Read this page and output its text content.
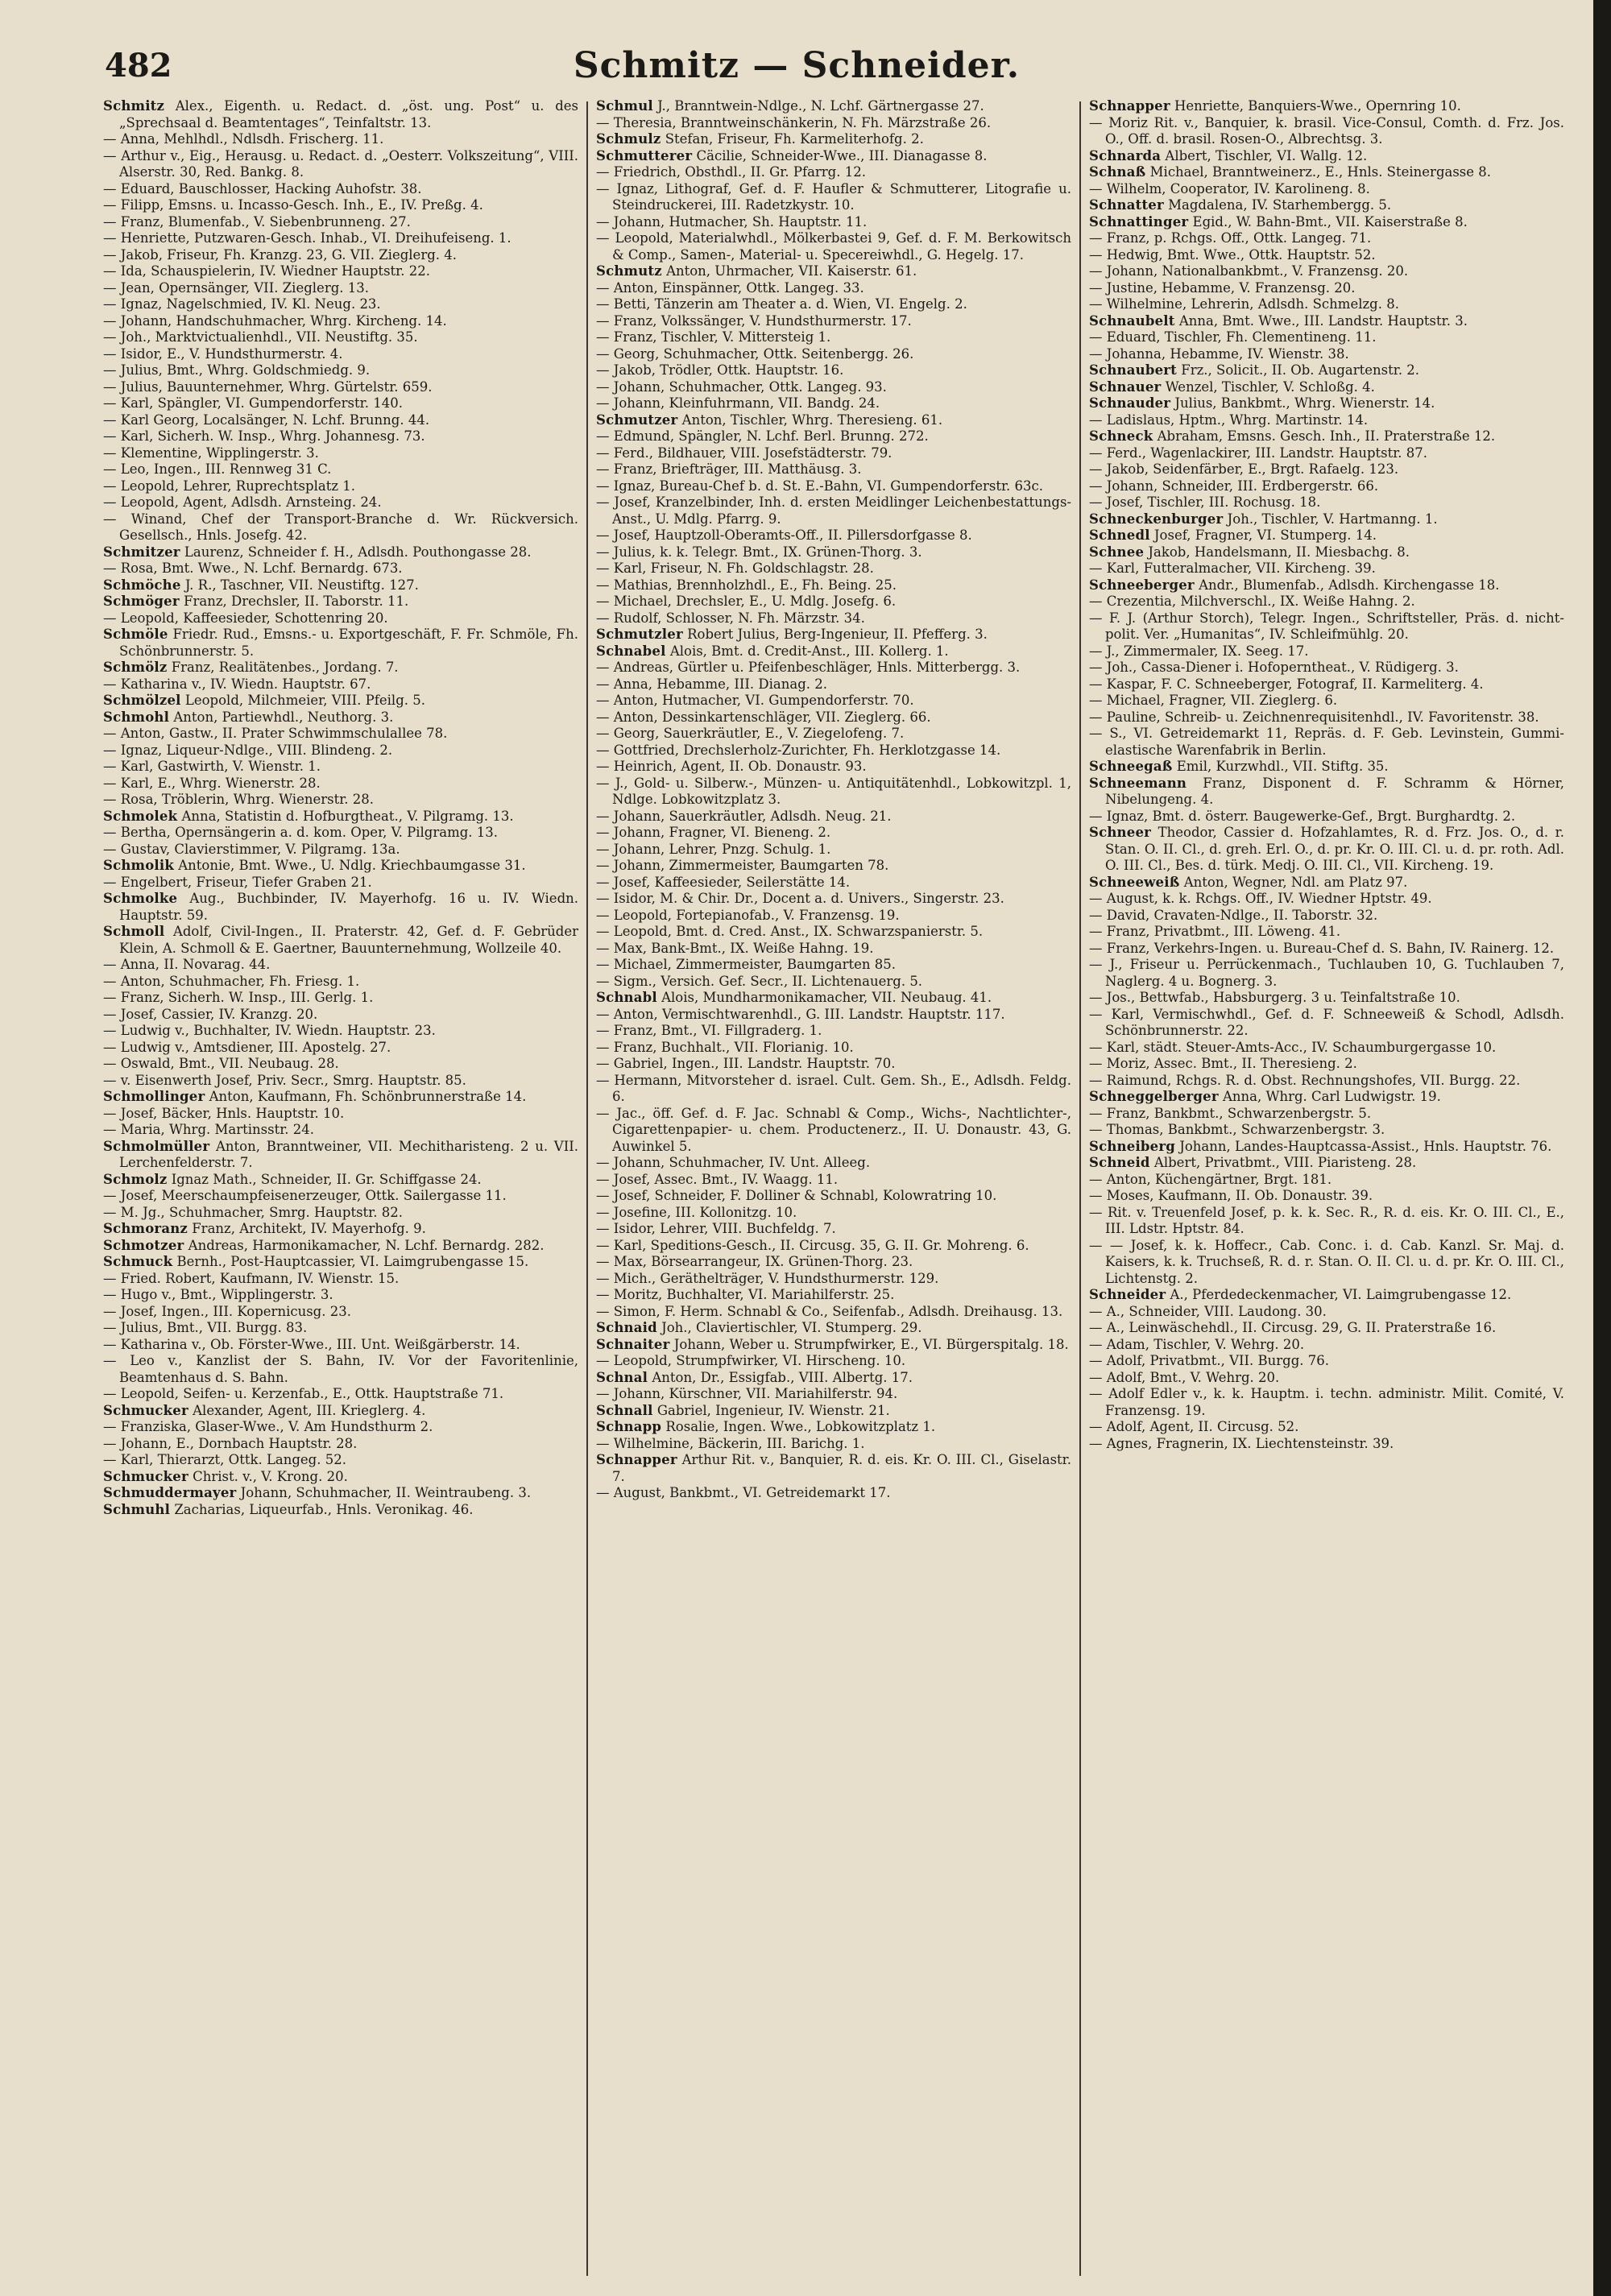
482	Schmitz — Schneider.

Schmitz Alex., Eigenth. u. Redact. d. „öst. ung. Post“ u. des „Sprechsaal d. Beamtentages“, Teinfaltstr. 13.

— Anna, Mehlhdl., Ndlsdh. Frischerg. 11.

— Arthur v., Eig., Herausg. u. Redact. d. „Oesterr. Volkszeitung“, VIII. Alserstr. 30, Red. Bankg. 8.

— Eduard, Bauschlosser, Hacking Auhofstr. 38.

— Filipp, Emsns. u. Incasso-Gesch. Inh., E., IV. Preßg. 4.

— Franz, Blumenfab., V. Siebenbrunneng. 27.

— Henriette, Putzwaren-Gesch. Inhab., VI. Dreihufeiseng. 1.

— Jakob, Friseur, Fh. Kranzg. 23, G. VII. Zieglerg. 4.

— Ida, Schauspielerin, IV. Wiedner Hauptstr. 22.

— Jean, Opernsänger, VII. Zieglerg. 13.

— Ignaz, Nagelschmied, IV. Kl. Neug. 23.

— Johann, Handschuhmacher, Whrg. Kircheng. 14.

— Joh., Marktvictualienhdl., VII. Neustiftg. 35.

— Isidor, E., V. Hundsthurmerstr. 4.

— Julius, Bmt., Whrg. Goldschmiedg. 9.

— Julius, Bauunternehmer, Whrg. Gürtelstr. 659.

— Karl, Spängler, VI. Gumpendorferstr. 140.

— Karl Georg, Localsänger, N. Lchf. Brunng. 44.

— Karl, Sicherh. W. Insp., Whrg. Johannesg. 73.

— Klementine, Wipplingerstr. 3.

— Leo, Ingen., III. Rennweg 31 C.

— Leopold, Lehrer, Ruprechtsplatz 1.

— Leopold, Agent, Adlsdh. Arnsteing. 24.

— Winand, Chef der Transport-Branche d. Wr. Rückversich. Gesellsch., Hnls. Josefg. 42.

Schmitzer Laurenz, Schneider f. H., Adlsdh. Pouthongasse 28.

— Rosa, Bmt. Wwe., N. Lchf. Bernardg. 673.

Schmöche J. R., Taschner, VII. Neustiftg. 127.

Schmöger Franz, Drechsler, II. Taborstr. 11.

— Leopold, Kaffeesieder, Schottenring 20.

Schmöle Friedr. Rud., Emsns.- u. Exportgeschäft, F. Fr. Schmöle, Fh. Schönbrunnerstr. 5.

Schmölz Franz, Realitätenbes., Jordang. 7.

— Katharina v., IV. Wiedn. Hauptstr. 67.

Schmölzel Leopold, Milchmeier, VIII. Pfeilg. 5.

Schmohl Anton, Partiewhdl., Neuthorg. 3.

— Anton, Gastw., II. Prater Schwimmschulallee 78.

— Ignaz, Liqueur-Ndlge., VIII. Blindeng. 2.

— Karl, Gastwirth, V. Wienstr. 1.

— Karl, E., Whrg. Wienerstr. 28.

— Rosa, Tröblerin, Whrg. Wienerstr. 28.

Schmolek Anna, Statistin d. Hofburgtheat., V. Pilgramg. 13.

— Bertha, Opernsängerin a. d. kom. Oper, V. Pilgramg. 13.

— Gustav, Clavierstimmer, V. Pilgramg. 13a.

Schmolik Antonie, Bmt. Wwe., U. Ndlg. Kriechbaumgasse 31.

— Engelbert, Friseur, Tiefer Graben 21.

Schmolke Aug., Buchbinder, IV. Mayerhofg. 16 u. IV. Wiedn. Hauptstr. 59.

Schmoll Adolf, Civil-Ingen., II. Praterstr. 42, Gef. d. F. Gebrüder Klein, A. Schmoll & E. Gaertner, Bauunternehmung, Wollzeile 40.

— Anna, II. Novarag. 44.

— Anton, Schuhmacher, Fh. Friesg. 1.

— Franz, Sicherh. W. Insp., III. Gerlg. 1.

— Josef, Cassier, IV. Kranzg. 20.

— Ludwig v., Buchhalter, IV. Wiedn. Hauptstr. 23.

— Ludwig v., Amtsdiener, III. Apostelg. 27.

— Oswald, Bmt., VII. Neubaug. 28.

— v. Eisenwerth Josef, Priv. Secr., Smrg. Hauptstr. 85.

Schmollinger Anton, Kaufmann, Fh. Schönbrunnerstraße 14.

— Josef, Bäcker, Hnls. Hauptstr. 10.

— Maria, Whrg. Martinsstr. 24.

Schmolmüller Anton, Branntweiner, VII. Mechitharisteng. 2 u. VII. Lerchenfelderstr. 7.

Schmolz Ignaz Math., Schneider, II. Gr. Schiffgasse 24.

— Josef, Meerschaumpfeisenerzeuger, Ottk. Sailergasse 11.

— M. Jg., Schuhmacher, Smrg. Hauptstr. 82.

Schmoranz Franz, Architekt, IV. Mayerhofg. 9.

Schmotzer Andreas, Harmonikamacher, N. Lchf. Bernardg. 282.

Schmuck Bernh., Post-Hauptcassier, VI. Laimgrubengasse 15.

— Fried. Robert, Kaufmann, IV. Wienstr. 15.

— Hugo v., Bmt., Wipplingerstr. 3.

— Josef, Ingen., III. Kopernicusg. 23.

— Julius, Bmt., VII. Burgg. 83.

— Katharina v., Ob. Förster-Wwe., III. Unt. Weißgärberstr. 14.

— Leo v., Kanzlist der S. Bahn, IV. Vor der Favoritenlinie, Beamtenhaus d. S. Bahn.

— Leopold, Seifen- u. Kerzenfab., E., Ottk. Hauptstraße 71.

Schmucker Alexander, Agent, III. Krieglerg. 4.

— Franziska, Glaser-Wwe., V. Am Hundsthurm 2.

— Johann, E., Dornbach Hauptstr. 28.

— Karl, Thierarzt, Ottk. Langeg. 52.

Schmucker Christ. v., V. Krong. 20.

Schmuddermayer Johann, Schuhmacher, II. Weintraubeng. 3.

Schmuhl Zacharias, Liqueurfab., Hnls. Veronikag. 46.

Schmul J., Branntwein-Ndlge., N. Lchf. Gärtnergasse 27.

— Theresia, Branntweinschänkerin, N. Fh. Märzstraße 26.

Schmulz Stefan, Friseur, Fh. Karmeliterhofg. 2.

Schmutterer Cäcilie, Schneider-Wwe., III. Dianagasse 8.

— Friedrich, Obsthdl., II. Gr. Pfarrg. 12.

— Ignaz, Lithograf, Gef. d. F. Haufler & Schmutterer, Litografie u. Steindruckerei, III. Radetzkystr. 10.

— Johann, Hutmacher, Sh. Hauptstr. 11.

— Leopold, Materialwhdl., Mölkerbastei 9, Gef. d. F. M. Berkowitsch & Comp., Samen-, Material- u. Specereiwhdl., G. Hegelg. 17.

Schmutz Anton, Uhrmacher, VII. Kaiserstr. 61.

— Anton, Einspänner, Ottk. Langeg. 33.

— Betti, Tänzerin am Theater a. d. Wien, VI. Engelg. 2.

— Franz, Volkssänger, V. Hundsthurmerstr. 17.

— Franz, Tischler, V. Mittersteig 1.

— Georg, Schuhmacher, Ottk. Seitenbergg. 26.

— Jakob, Trödler, Ottk. Hauptstr. 16.

— Johann, Schuhmacher, Ottk. Langeg. 93.

— Johann, Kleinfuhrmann, VII. Bandg. 24.

Schmutzer Anton, Tischler, Whrg. Theresieng. 61.

— Edmund, Spängler, N. Lchf. Berl. Brunng. 272.

— Ferd., Bildhauer, VIII. Josefstädterstr. 79.

— Franz, Briefträger, III. Matthäusg. 3.

— Ignaz, Bureau-Chef b. d. St. E.-Bahn, VI. Gumpendorferstr. 63c.

— Josef, Kranzelbinder, Inh. d. ersten Meidlinger Leichenbestattungs-Anst., U. Mdlg. Pfarrg. 9.

— Josef, Hauptzoll-Oberamts-Off., II. Pillersdorfgasse 8.

— Julius, k. k. Telegr. Bmt., IX. Grünen-Thorg. 3.

— Karl, Friseur, N. Fh. Goldschlagstr. 28.

— Mathias, Brennholzhdl., E., Fh. Being. 25.

— Michael, Drechsler, E., U. Mdlg. Josefg. 6.

— Rudolf, Schlosser, N. Fh. Märzstr. 34.

Schmutzler Robert Julius, Berg-Ingenieur, II. Pfefferg. 3.

Schnabel Alois, Bmt. d. Credit-Anst., III. Kollerg. 1.

— Andreas, Gürtler u. Pfeifenbeschläger, Hnls. Mitterbergg. 3.

— Anna, Hebamme, III. Dianag. 2.

— Anton, Hutmacher, VI. Gumpendorferstr. 70.

— Anton, Dessinkartenschläger, VII. Zieglerg. 66.

— Georg, Sauerkräutler, E., V. Ziegelofeng. 7.

— Gottfried, Drechslerholz-Zurichter, Fh. Herklotzgasse 14.

— Heinrich, Agent, II. Ob. Donaustr. 93.

— J., Gold- u. Silberw.-, Münzen- u. Antiquitätenhdl., Lobkowitzpl. 1, Ndlge. Lobkowitzplatz 3.

— Johann, Sauerkräutler, Adlsdh. Neug. 21.

— Johann, Fragner, VI. Bieneng. 2.

— Johann, Lehrer, Pnzg. Schulg. 1.

— Johann, Zimmermeister, Baumgarten 78.

— Josef, Kaffeesieder, Seilerstätte 14.

— Isidor, M. & Chir. Dr., Docent a. d. Univers., Singerstr. 23.

— Leopold, Fortepianofab., V. Franzensg. 19.

— Leopold, Bmt. d. Cred. Anst., IX. Schwarzspanierstr. 5.

— Max, Bank-Bmt., IX. Weiße Hahng. 19.

— Michael, Zimmermeister, Baumgarten 85.

— Sigm., Versich. Gef. Secr., II. Lichtenauerg. 5.

Schnabl Alois, Mundharmonikamacher, VII. Neubaug. 41.

— Anton, Vermischtwarenhdl., G. III. Landstr. Hauptstr. 117.

— Franz, Bmt., VI. Fillgraderg. 1.

— Franz, Buchhalt., VII. Florianig. 10.

— Gabriel, Ingen., III. Landstr. Hauptstr. 70.

— Hermann, Mitvorsteher d. israel. Cult. Gem. Sh., E., Adlsdh. Feldg. 6.

— Jac., öff. Gef. d. F. Jac. Schnabl & Comp., Wichs-, Nachtlichter-, Cigarettenpapier- u. chem. Productenerz., II. U. Donaustr. 43, G. Auwinkel 5.

— Johann, Schuhmacher, IV. Unt. Alleeg.

— Josef, Assec. Bmt., IV. Waagg. 11.

— Josef, Schneider, F. Dolliner & Schnabl, Kolowratring 10.

— Josefine, III. Kollonitzg. 10.

— Isidor, Lehrer, VIII. Buchfeldg. 7.

— Karl, Speditions-Gesch., II. Circusg. 35, G. II. Gr. Mohreng. 6.

— Max, Börsearrangeur, IX. Grünen-Thorg. 23.

— Mich., Geräthelträger, V. Hundsthurmerstr. 129.

— Moritz, Buchhalter, VI. Mariahilferstr. 25.

— Simon, F. Herm. Schnabl & Co., Seifenfab., Adlsdh. Dreihausg. 13.

Schnaid Joh., Claviertischler, VI. Stumperg. 29.

Schnaiter Johann, Weber u. Strumpfwirker, E., VI. Bürgerspitalg. 18.

— Leopold, Strumpfwirker, VI. Hirscheng. 10.

Schnal Anton, Dr., Essigfab., VIII. Albertg. 17.

— Johann, Kürschner, VII. Mariahilferstr. 94.

Schnall Gabriel, Ingenieur, IV. Wienstr. 21.

Schnapp Rosalie, Ingen. Wwe., Lobkowitzplatz 1.

— Wilhelmine, Bäckerin, III. Barichg. 1.

Schnapper Arthur Rit. v., Banquier, R. d. eis. Kr. O. III. Cl., Giselastr. 7.

— August, Bankbmt., VI. Getreidemarkt 17.

Schnapper Henriette, Banquiers-Wwe., Opernring 10.

— Moriz Rit. v., Banquier, k. brasil. Vice-Consul, Comth. d. Frz. Jos. O., Off. d. brasil. Rosen-O., Albrechtsg. 3.

Schnarda Albert, Tischler, VI. Wallg. 12.

Schnaß Michael, Branntweinerz., E., Hnls. Steinergasse 8.

— Wilhelm, Cooperator, IV. Karolineng. 8.

Schnatter Magdalena, IV. Starhembergg. 5.

Schnattinger Egid., W. Bahn-Bmt., VII. Kaiserstraße 8.

— Franz, p. Rchgs. Off., Ottk. Langeg. 71.

— Hedwig, Bmt. Wwe., Ottk. Hauptstr. 52.

— Johann, Nationalbankbmt., V. Franzensg. 20.

— Justine, Hebamme, V. Franzensg. 20.

— Wilhelmine, Lehrerin, Adlsdh. Schmelzg. 8.

Schnaubelt Anna, Bmt. Wwe., III. Landstr. Hauptstr. 3.

— Eduard, Tischler, Fh. Clementineng. 11.

— Johanna, Hebamme, IV. Wienstr. 38.

Schnaubert Frz., Solicit., II. Ob. Augartenstr. 2.

Schnauer Wenzel, Tischler, V. Schloßg. 4.

Schnauder Julius, Bankbmt., Whrg. Wienerstr. 14.

— Ladislaus, Hptm., Whrg. Martinstr. 14.

Schneck Abraham, Emsns. Gesch. Inh., II. Praterstraße 12.

— Ferd., Wagenlackirer, III. Landstr. Hauptstr. 87.

— Jakob, Seidenfärber, E., Brgt. Rafaelg. 123.

— Johann, Schneider, III. Erdbergerstr. 66.

— Josef, Tischler, III. Rochusg. 18.

Schneckenburger Joh., Tischler, V. Hartmanng. 1.

Schnedl Josef, Fragner, VI. Stumperg. 14.

Schnee Jakob, Handelsmann, II. Miesbachg. 8.

— Karl, Futteralmacher, VII. Kircheng. 39.

Schneeberger Andr., Blumenfab., Adlsdh. Kirchengasse 18.

— Crezentia, Milchverschl., IX. Weiße Hahng. 2.

— F. J. (Arthur Storch), Telegr. Ingen., Schriftsteller, Präs. d. nicht-polit. Ver. „Humanitas“, IV. Schleifmühlg. 20.

— J., Zimmermaler, IX. Seeg. 17.

— Joh., Cassa-Diener i. Hofoperntheat., V. Rüdigerg. 3.

— Kaspar, F. C. Schneeberger, Fotograf, II. Karmeliterg. 4.

— Michael, Fragner, VII. Zieglerg. 6.

— Pauline, Schreib- u. Zeichnenrequisitenhdl., IV. Favoritenstr. 38.

— S., VI. Getreidemarkt 11, Repräs. d. F. Geb. Levinstein, Gummi-elastische Warenfabrik in Berlin.

Schneegaß Emil, Kurzwhdl., VII. Stiftg. 35.

Schneemann Franz, Disponent d. F. Schramm & Hörner, Nibelungeng. 4.

— Ignaz, Bmt. d. österr. Baugewerke-Gef., Brgt. Burghardtg. 2.

Schneer Theodor, Cassier d. Hofzahlamtes, R. d. Frz. Jos. O., d. r. Stan. O. II. Cl., d. greh. Erl. O., d. pr. Kr. O. III. Cl. u. d. pr. roth. Adl. O. III. Cl., Bes. d. türk. Medj. O. III. Cl., VII. Kircheng. 19.

Schneeweiß Anton, Wegner, Ndl. am Platz 97.

— August, k. k. Rchgs. Off., IV. Wiedner Hptstr. 49.

— David, Cravaten-Ndlge., II. Taborstr. 32.

— Franz, Privatbmt., III. Löweng. 41.

— Franz, Verkehrs-Ingen. u. Bureau-Chef d. S. Bahn, IV. Rainerg. 12.

— J., Friseur u. Perrückenmach., Tuchlauben 10, G. Tuchlauben 7, Naglerg. 4 u. Bognerg. 3.

— Jos., Bettwfab., Habsburgerg. 3 u. Teinfaltstraße 10.

— Karl, Vermischwhdl., Gef. d. F. Schneeweiß & Schodl, Adlsdh. Schönbrunnerstr. 22.

— Karl, städt. Steuer-Amts-Acc., IV. Schaumburgergasse 10.

— Moriz, Assec. Bmt., II. Theresieng. 2.

— Raimund, Rchgs. R. d. Obst. Rechnungshofes, VII. Burgg. 22.

Schneggelberger Anna, Whrg. Carl Ludwigstr. 19.

— Franz, Bankbmt., Schwarzenbergstr. 5.

— Thomas, Bankbmt., Schwarzenbergstr. 3.

Schneiberg Johann, Landes-Hauptcassa-Assist., Hnls. Hauptstr. 76.

Schneid Albert, Privatbmt., VIII. Piaristeng. 28.

— Anton, Küchengärtner, Brgt. 181.

— Moses, Kaufmann, II. Ob. Donaustr. 39.

— Rit. v. Treuenfeld Josef, p. k. k. Sec. R., R. d. eis. Kr. O. III. Cl., E., III. Ldstr. Hptstr. 84.

— — Josef, k. k. Hoffecr., Cab. Conc. i. d. Cab. Kanzl. Sr. Maj. d. Kaisers, k. k. Truchseß, R. d. r. Stan. O. II. Cl. u. d. pr. Kr. O. III. Cl., Lichtenstg. 2.

Schneider A., Pferdedeckenmacher, VI. Laimgrubengasse 12.

— A., Schneider, VIII. Laudong. 30.

— A., Leinwäschehdl., II. Circusg. 29, G. II. Praterstraße 16.

— Adam, Tischler, V. Wehrg. 20.

— Adolf, Privatbmt., VII. Burgg. 76.

— Adolf, Bmt., V. Wehrg. 20.

— Adolf Edler v., k. k. Hauptm. i. techn. administr. Milit. Comité, V. Franzensg. 19.

— Adolf, Agent, II. Circusg. 52.

— Agnes, Fragnerin, IX. Liechtensteinstr. 39.
